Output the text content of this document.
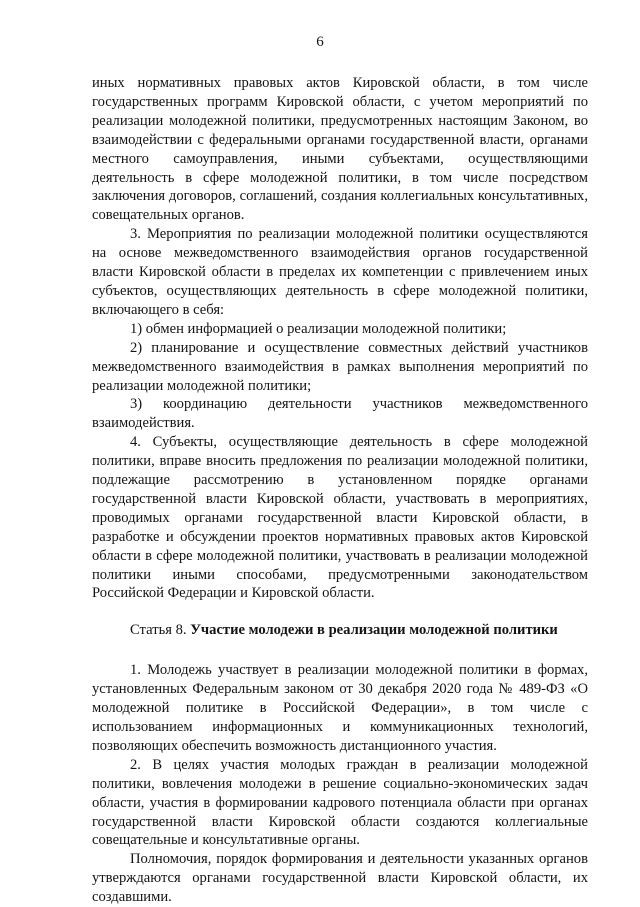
6

иных нормативных правовых актов Кировской области, в том числе государственных программ Кировской области, с учетом мероприятий по реализации молодежной политики, предусмотренных настоящим Законом, во взаимодействии с федеральными органами государственной власти, органами местного самоуправления, иными субъектами, осуществляющими деятельность в сфере молодежной политики, в том числе посредством заключения договоров, соглашений, создания коллегиальных консультативных, совещательных органов.

3. Мероприятия по реализации молодежной политики осуществляются на основе межведомственного взаимодействия органов государственной власти Кировской области в пределах их компетенции с привлечением иных субъектов, осуществляющих деятельность в сфере молодежной политики, включающего в себя:

1) обмен информацией о реализации молодежной политики;

2) планирование и осуществление совместных действий участников межведомственного взаимодействия в рамках выполнения мероприятий по реализации молодежной политики;

3) координацию деятельности участников межведомственного взаимодействия.

4. Субъекты, осуществляющие деятельность в сфере молодежной политики, вправе вносить предложения по реализации молодежной политики, подлежащие рассмотрению в установленном порядке органами государственной власти Кировской области, участвовать в мероприятиях, проводимых органами государственной власти Кировской области, в разработке и обсуждении проектов нормативных правовых актов Кировской области в сфере молодежной политики, участвовать в реализации молодежной политики иными способами, предусмотренными законодательством Российской Федерации и Кировской области.

Статья 8. Участие молодежи в реализации молодежной политики

1. Молодежь участвует в реализации молодежной политики в формах, установленных Федеральным законом от 30 декабря 2020 года № 489-ФЗ «О молодежной политике в Российской Федерации», в том числе с использованием информационных и коммуникационных технологий, позволяющих обеспечить возможность дистанционного участия.

2. В целях участия молодых граждан в реализации молодежной политики, вовлечения молодежи в решение социально-экономических задач области, участия в формировании кадрового потенциала области при органах государственной власти Кировской области создаются коллегиальные совещательные и консультативные органы.

Полномочия, порядок формирования и деятельности указанных органов утверждаются органами государственной власти Кировской области, их создавшими.
